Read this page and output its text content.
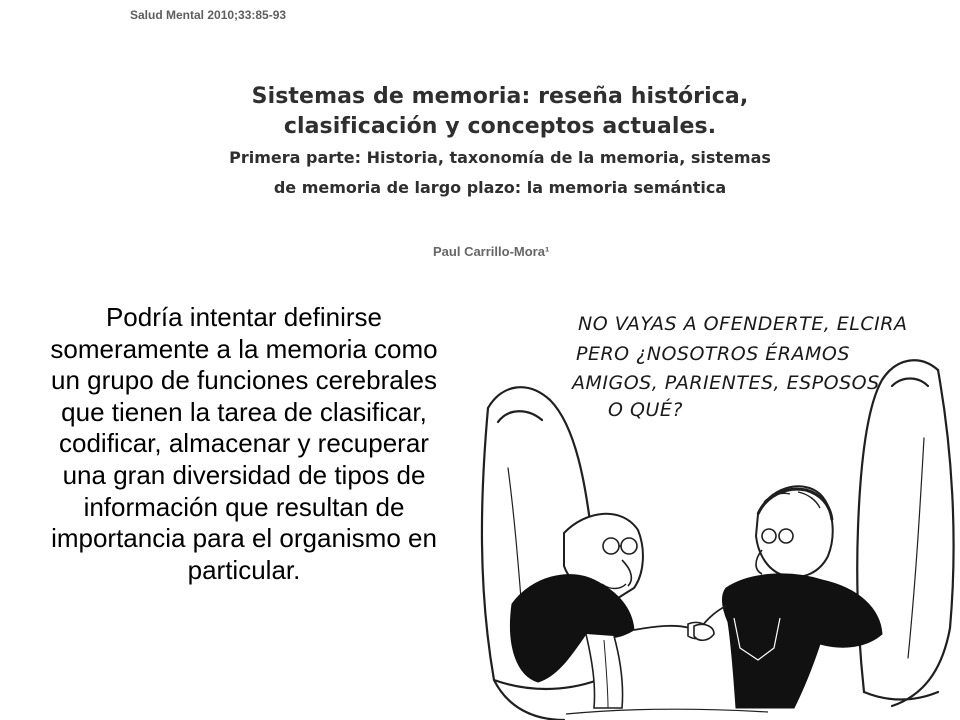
Salud Mental 2010;33:85-93
Sistemas de memoria: reseña histórica,
clasificación y conceptos actuales.
Primera parte: Historia, taxonomía de la memoria, sistemas
de memoria de largo plazo: la memoria semántica
Paul Carrillo-Mora¹
Podría intentar definirse someramente a la memoria como un grupo de funciones cerebrales que tienen la tarea de clasificar, codificar, almacenar y recuperar una gran diversidad de tipos de información que resultan de importancia para el organismo en particular.
NO VAYAS A OFENDERTE, ELCIRA
PERO ¿NOSOTROS ÉRAMOS
AMIGOS, PARIENTES, ESPOSOS
O QUÉ?
